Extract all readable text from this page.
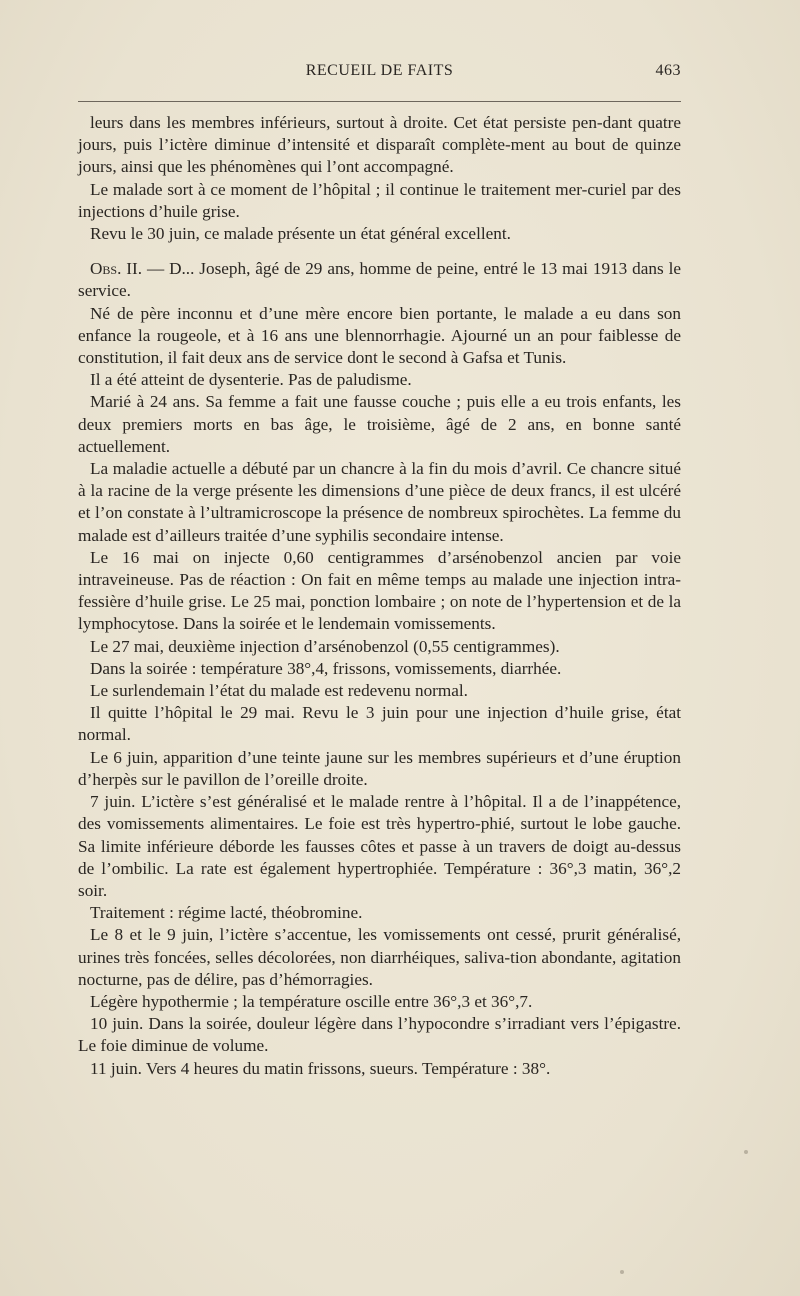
RECUEIL DE FAITS	463

leurs dans les membres inférieurs, surtout à droite. Cet état persiste pen-dant quatre jours, puis l’ictère diminue d’intensité et disparaît complète-ment au bout de quinze jours, ainsi que les phénomènes qui l’ont accompagné.

Le malade sort à ce moment de l’hôpital ; il continue le traitement mer-curiel par des injections d’huile grise.

Revu le 30 juin, ce malade présente un état général excellent.

Obs. II. — D... Joseph, âgé de 29 ans, homme de peine, entré le 13 mai 1913 dans le service.

Né de père inconnu et d’une mère encore bien portante, le malade a eu dans son enfance la rougeole, et à 16 ans une blennorrhagie. Ajourné un an pour faiblesse de constitution, il fait deux ans de service dont le second à Gafsa et Tunis.

Il a été atteint de dysenterie. Pas de paludisme.

Marié à 24 ans. Sa femme a fait une fausse couche ; puis elle a eu trois enfants, les deux premiers morts en bas âge, le troisième, âgé de 2 ans, en bonne santé actuellement.

La maladie actuelle a débuté par un chancre à la fin du mois d’avril. Ce chancre situé à la racine de la verge présente les dimensions d’une pièce de deux francs, il est ulcéré et l’on constate à l’ultramicroscope la présence de nombreux spirochètes. La femme du malade est d’ailleurs traitée d’une syphilis secondaire intense.

Le 16 mai on injecte 0,60 centigrammes d’arsénobenzol ancien par voie intraveineuse. Pas de réaction : On fait en même temps au malade une injection intra-fessière d’huile grise. Le 25 mai, ponction lombaire ; on note de l’hypertension et de la lymphocytose. Dans la soirée et le lendemain vomissements.

Le 27 mai, deuxième injection d’arsénobenzol (0,55 centigrammes).

Dans la soirée : température 38°,4, frissons, vomissements, diarrhée.

Le surlendemain l’état du malade est redevenu normal.

Il quitte l’hôpital le 29 mai. Revu le 3 juin pour une injection d’huile grise, état normal.

Le 6 juin, apparition d’une teinte jaune sur les membres supérieurs et d’une éruption d’herpès sur le pavillon de l’oreille droite.

7 juin. L’ictère s’est généralisé et le malade rentre à l’hôpital. Il a de l’inappétence, des vomissements alimentaires. Le foie est très hypertro-phié, surtout le lobe gauche. Sa limite inférieure déborde les fausses côtes et passe à un travers de doigt au-dessus de l’ombilic. La rate est également hypertrophiée. Température : 36°,3 matin, 36°,2 soir.

Traitement : régime lacté, théobromine.

Le 8 et le 9 juin, l’ictère s’accentue, les vomissements ont cessé, prurit généralisé, urines très foncées, selles décolorées, non diarrhéiques, saliva-tion abondante, agitation nocturne, pas de délire, pas d’hémorragies.

Légère hypothermie ; la température oscille entre 36°,3 et 36°,7.

10 juin. Dans la soirée, douleur légère dans l’hypocondre s’irradiant vers l’épigastre. Le foie diminue de volume.

11 juin. Vers 4 heures du matin frissons, sueurs. Température : 38°.
